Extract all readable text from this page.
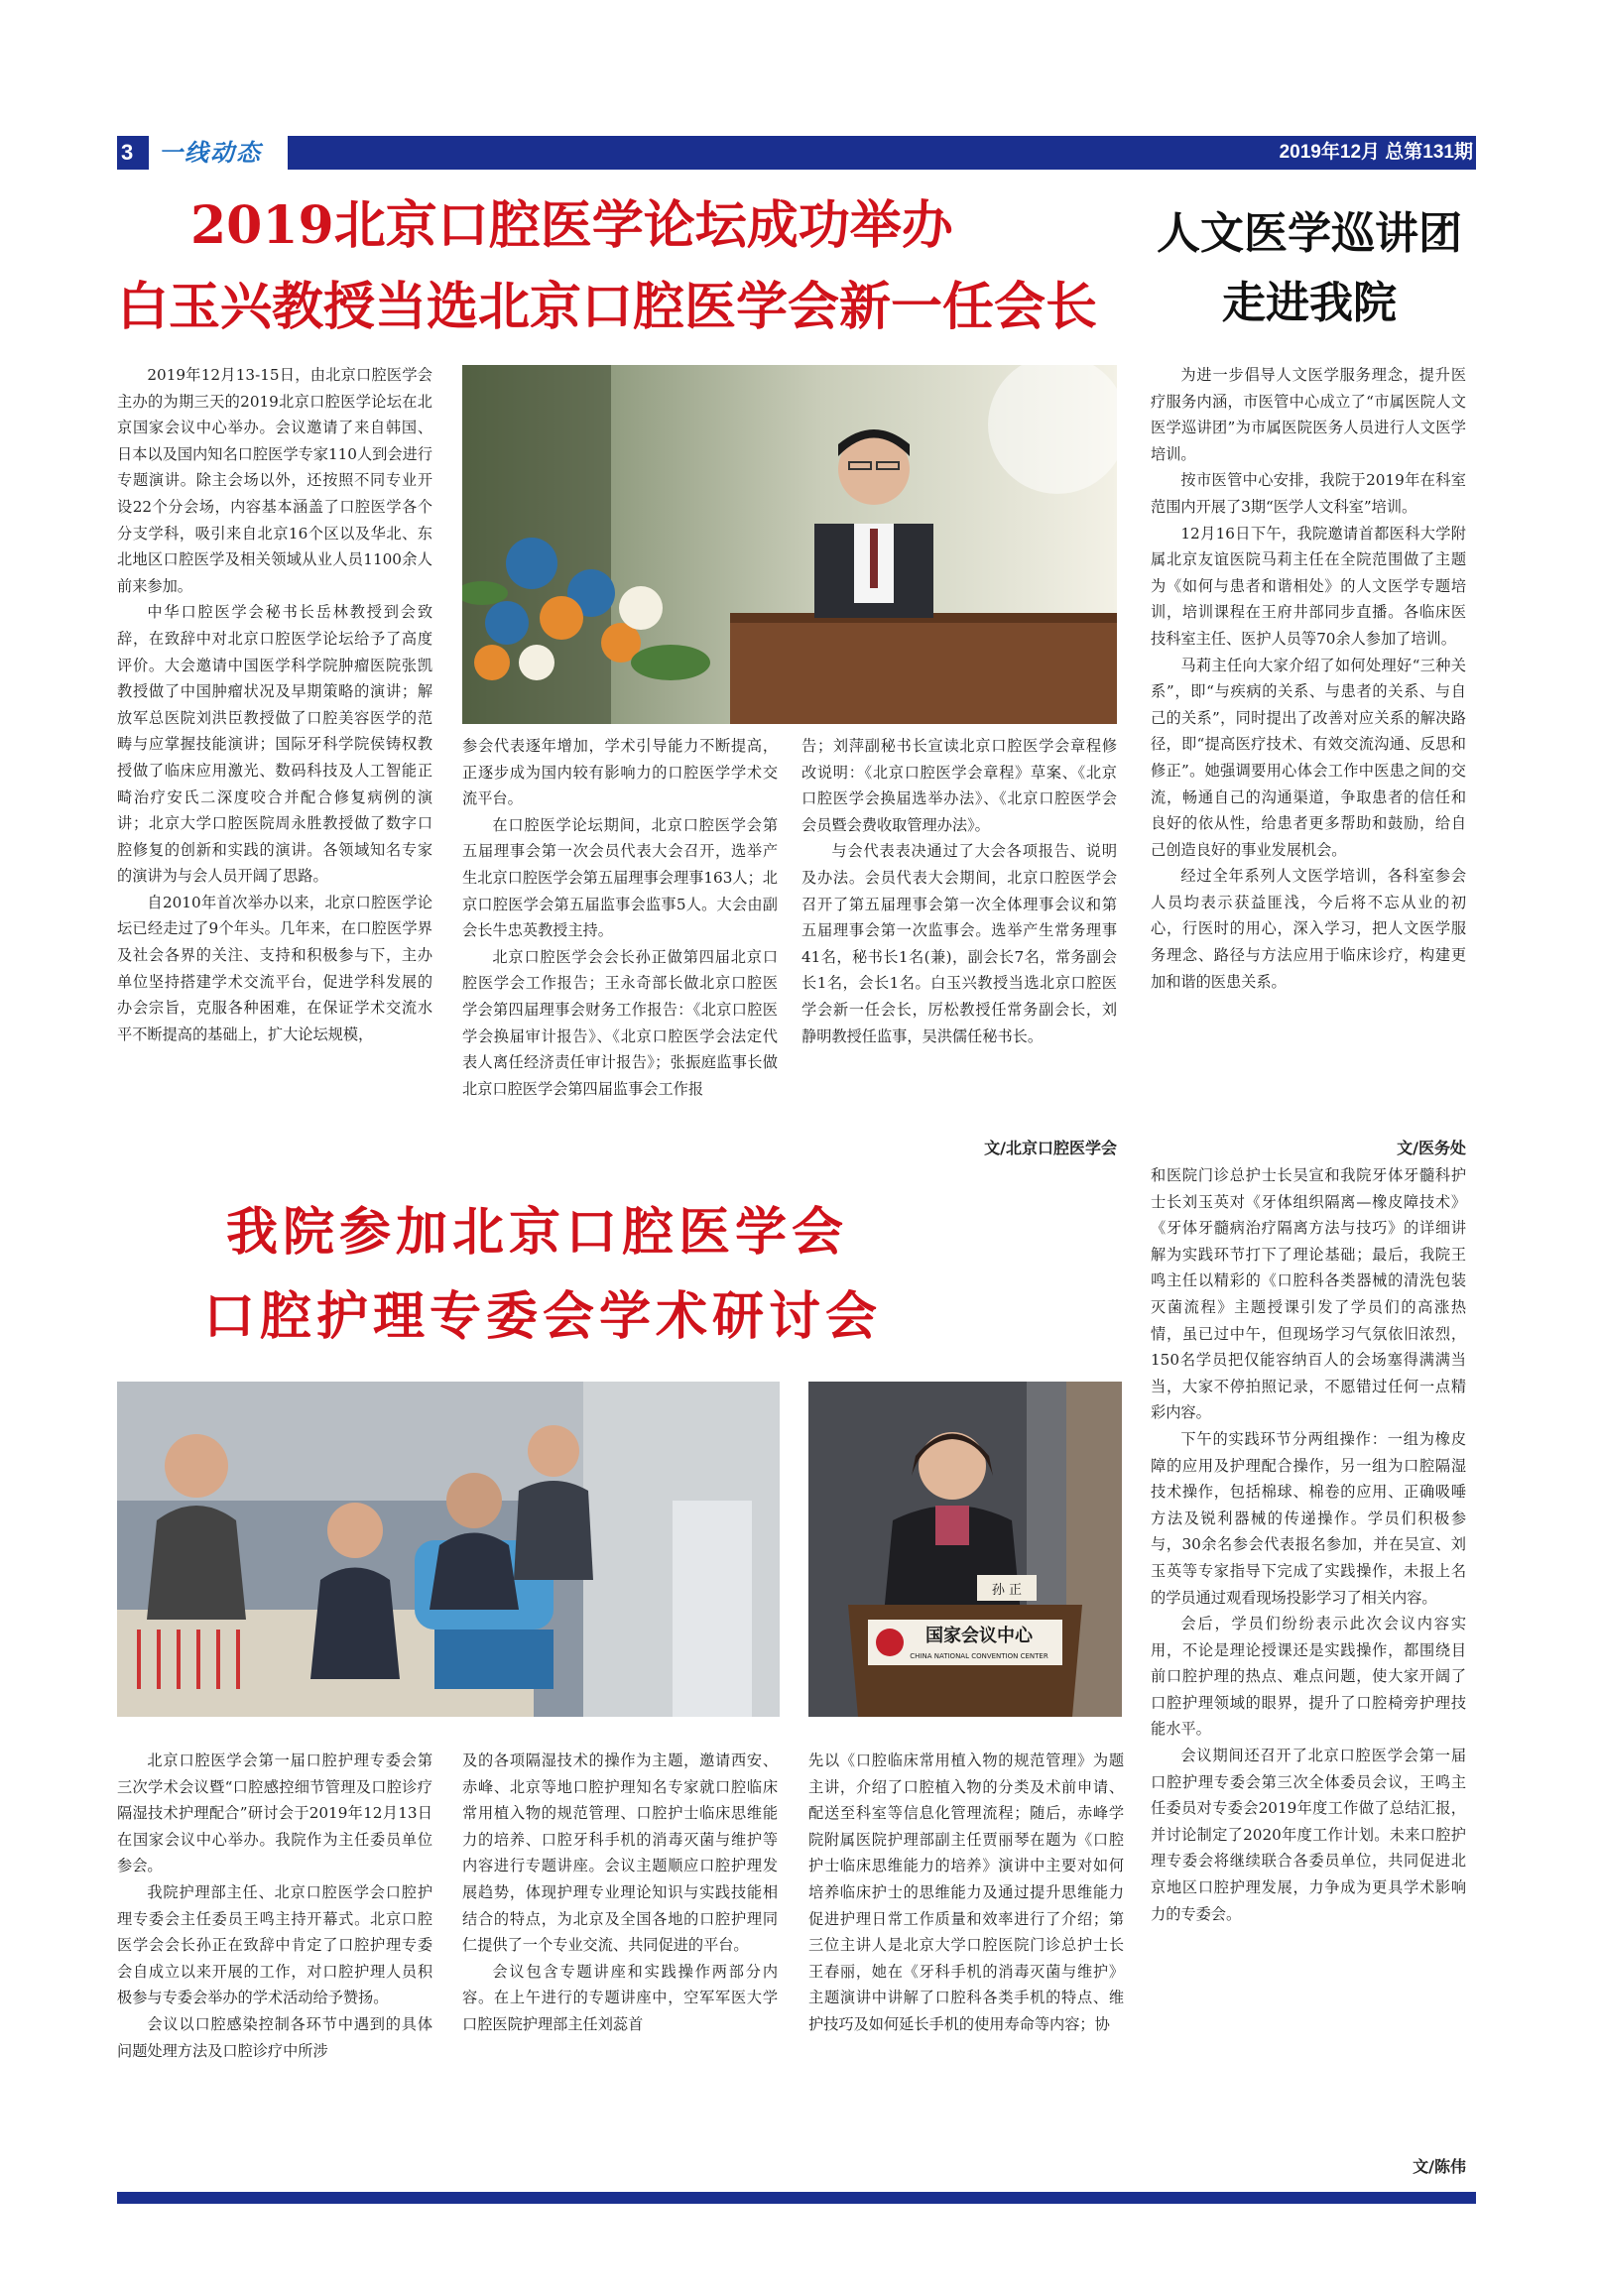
3	一线动态	2019年12月 总第131期
2019北京口腔医学论坛成功举办
白玉兴教授当选北京口腔医学会新一任会长
人文医学巡讲团
走进我院

2019年12月13-15日，由北京口腔医学会主办的为期三天的2019北京口腔医学论坛在北京国家会议中心举办。会议邀请了来自韩国、日本以及国内知名口腔医学专家110人到会进行专题演讲。除主会场以外，还按照不同专业开设22个分会场，内容基本涵盖了口腔医学各个分支学科，吸引来自北京16个区以及华北、东北地区口腔医学及相关领域从业人员1100余人前来参加。

中华口腔医学会秘书长岳林教授到会致辞，在致辞中对北京口腔医学论坛给予了高度评价。大会邀请中国医学科学院肿瘤医院张凯教授做了中国肿瘤状况及早期策略的演讲；解放军总医院刘洪臣教授做了口腔美容医学的范畴与应掌握技能演讲；国际牙科学院侯铸权教授做了临床应用激光、数码科技及人工智能正畸治疗安氏二深度咬合并配合修复病例的演讲；北京大学口腔医院周永胜教授做了数字口腔修复的创新和实践的演讲。各领域知名专家的演讲为与会人员开阔了思路。

自2010年首次举办以来，北京口腔医学论坛已经走过了9个年头。几年来，在口腔医学界及社会各界的关注、支持和积极参与下，主办单位坚持搭建学术交流平台，促进学科发展的办会宗旨，克服各种困难，在保证学术交流水平不断提高的基础上，扩大论坛规模，

参会代表逐年增加，学术引导能力不断提高，正逐步成为国内较有影响力的口腔医学学术交流平台。

在口腔医学论坛期间，北京口腔医学会第五届理事会第一次会员代表大会召开，选举产生北京口腔医学会第五届理事会理事163人；北京口腔医学会第五届监事会监事5人。大会由副会长牛忠英教授主持。

北京口腔医学会会长孙正做第四届北京口腔医学会工作报告；王永奇部长做北京口腔医学会第四届理事会财务工作报告：《北京口腔医学会换届审计报告》、《北京口腔医学会法定代表人离任经济责任审计报告》；张振庭监事长做北京口腔医学会第四届监事会工作报

告；刘萍副秘书长宣读北京口腔医学会章程修改说明：《北京口腔医学会章程》草案、《北京口腔医学会换届选举办法》、《北京口腔医学会会员暨会费收取管理办法》。

与会代表表决通过了大会各项报告、说明及办法。会员代表大会期间，北京口腔医学会召开了第五届理事会第一次全体理事会议和第五届理事会第一次监事会。选举产生常务理事41名，秘书长1名(兼)，副会长7名，常务副会长1名，会长1名。白玉兴教授当选北京口腔医学会新一任会长，厉松教授任常务副会长，刘静明教授任监事，吴洪儒任秘书长。

文/北京口腔医学会

为进一步倡导人文医学服务理念，提升医疗服务内涵，市医管中心成立了“市属医院人文医学巡讲团”为市属医院医务人员进行人文医学培训。

按市医管中心安排，我院于2019年在科室范围内开展了3期“医学人文科室”培训。

12月16日下午，我院邀请首都医科大学附属北京友谊医院马莉主任在全院范围做了主题为《如何与患者和谐相处》的人文医学专题培训，培训课程在王府井部同步直播。各临床医技科室主任、医护人员等70余人参加了培训。

马莉主任向大家介绍了如何处理好“三种关系”，即“与疾病的关系、与患者的关系、与自己的关系”，同时提出了改善对应关系的解决路径，即“提高医疗技术、有效交流沟通、反思和修正”。她强调要用心体会工作中医患之间的交流，畅通自己的沟通渠道，争取患者的信任和良好的依从性，给患者更多帮助和鼓励，给自己创造良好的事业发展机会。

经过全年系列人文医学培训，各科室参会人员均表示获益匪浅，今后将不忘从业的初心，行医时的用心，深入学习，把人文医学服务理念、路径与方法应用于临床诊疗，构建更加和谐的医患关系。

文/医务处
我院参加北京口腔医学会
口腔护理专委会学术研讨会
孙 正
国家会议中心
CHINA NATIONAL CONVENTION CENTER

和医院门诊总护士长吴宣和我院牙体牙髓科护士长刘玉英对《牙体组织隔离—橡皮障技术》《牙体牙髓病治疗隔离方法与技巧》的详细讲解为实践环节打下了理论基础；最后，我院王鸣主任以精彩的《口腔科各类器械的清洗包装灭菌流程》主题授课引发了学员们的高涨热情，虽已过中午，但现场学习气氛依旧浓烈，150名学员把仅能容纳百人的会场塞得满满当当，大家不停拍照记录，不愿错过任何一点精彩内容。

下午的实践环节分两组操作：一组为橡皮障的应用及护理配合操作，另一组为口腔隔湿技术操作，包括棉球、棉卷的应用、正确吸唾方法及锐利器械的传递操作。学员们积极参与，30余名参会代表报名参加，并在吴宣、刘玉英等专家指导下完成了实践操作，未报上名的学员通过观看现场投影学习了相关内容。

会后，学员们纷纷表示此次会议内容实用，不论是理论授课还是实践操作，都围绕目前口腔护理的热点、难点问题，使大家开阔了口腔护理领域的眼界，提升了口腔椅旁护理技能水平。

会议期间还召开了北京口腔医学会第一届口腔护理专委会第三次全体委员会议，王鸣主任委员对专委会2019年度工作做了总结汇报，并讨论制定了2020年度工作计划。未来口腔护理专委会将继续联合各委员单位，共同促进北京地区口腔护理发展，力争成为更具学术影响力的专委会。

文/陈伟

北京口腔医学会第一届口腔护理专委会第三次学术会议暨“口腔感控细节管理及口腔诊疗隔湿技术护理配合”研讨会于2019年12月13日在国家会议中心举办。我院作为主任委员单位参会。

我院护理部主任、北京口腔医学会口腔护理专委会主任委员王鸣主持开幕式。北京口腔医学会会长孙正在致辞中肯定了口腔护理专委会自成立以来开展的工作，对口腔护理人员积极参与专委会举办的学术活动给予赞扬。

会议以口腔感染控制各环节中遇到的具体问题处理方法及口腔诊疗中所涉

及的各项隔湿技术的操作为主题，邀请西安、赤峰、北京等地口腔护理知名专家就口腔临床常用植入物的规范管理、口腔护士临床思维能力的培养、口腔牙科手机的消毒灭菌与维护等内容进行专题讲座。会议主题顺应口腔护理发展趋势，体现护理专业理论知识与实践技能相结合的特点，为北京及全国各地的口腔护理同仁提供了一个专业交流、共同促进的平台。

会议包含专题讲座和实践操作两部分内容。在上午进行的专题讲座中，空军军医大学口腔医院护理部主任刘蕊首

先以《口腔临床常用植入物的规范管理》为题主讲，介绍了口腔植入物的分类及术前申请、配送至科室等信息化管理流程；随后，赤峰学院附属医院护理部副主任贾丽琴在题为《口腔护士临床思维能力的培养》演讲中主要对如何培养临床护士的思维能力及通过提升思维能力促进护理日常工作质量和效率进行了介绍；第三位主讲人是北京大学口腔医院门诊总护士长王春丽，她在《牙科手机的消毒灭菌与维护》主题演讲中讲解了口腔科各类手机的特点、维护技巧及如何延长手机的使用寿命等内容；协
